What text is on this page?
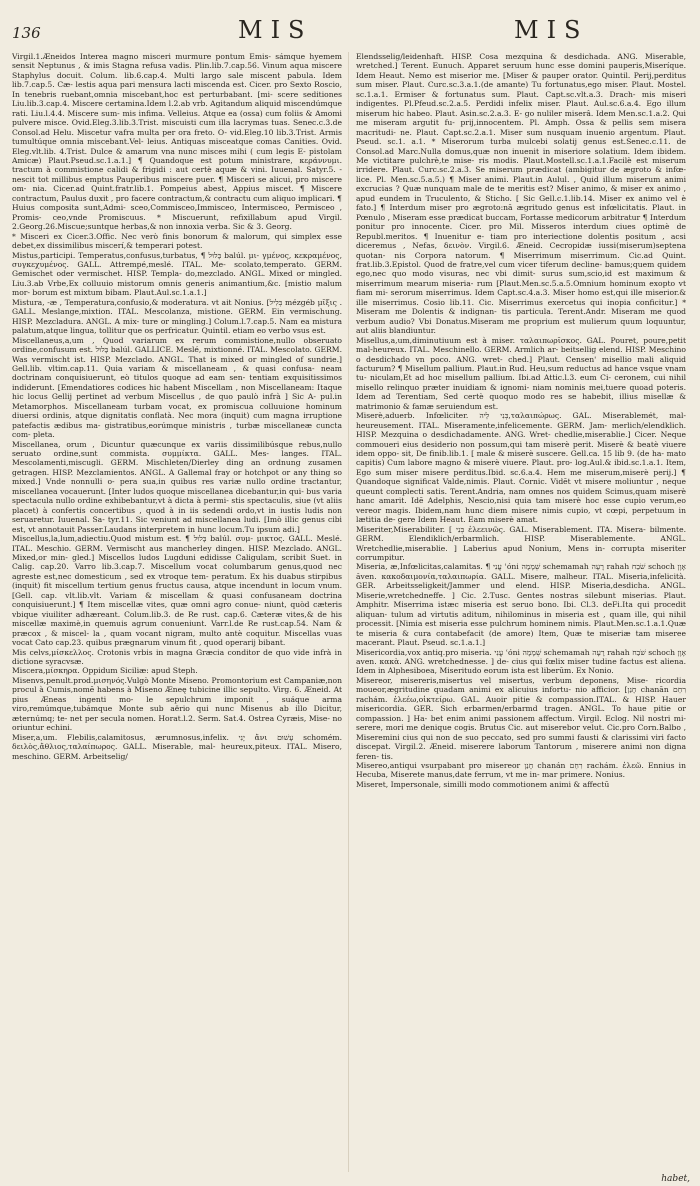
136	MIS	MIS

Virgil.1.Æneidos Interea magno misceri murmure pontum Emis- sámque hyemem sensit Neptunus , & imis Stagna refusa vadis. Plin.lib.7.cap.56. Vinum aqua miscere Staphylus docuit. Colum. lib.6.cap.4. Multi largo sale miscent pabula. Idem lib.7.cap.5. Cæ- lestis aqua pari mensura lacti miscenda est. Cicer. pro Sexto Roscio, In tenebris ruebant,omnia miscebant,hoc est perturbabant. [mi- scere seditiones Liu.lib.3.cap.4. Miscere certamina.Idem l.2.ab vrb. Agitandum aliquid miscendúmque rati. Liu.l.4.4. Miscere sum- mis infima. Velleius. Atque ea (ossa) cum foliis & Amomi pulvere misce. Ovid.Eleg.3.lib.3.Trist. miscuisti cum illa lacrymas tuas. Senec.c.3.de Consol.ad Helu. Miscetur vafra multa per ora freto. O- vid.Eleg.10 lib.3.Trist. Armis tumultúque omnia miscebant.Vel- leius. Antiquas misceatque comas Canities. Ovid. Eleg.vlt.lib. 4.Trist. Dulce & amarum vna nunc misces mihi ( cum legis E- pistolam Amicæ) Plaut.Pseud.sc.1.a.1.] ¶ Quandoque est potum ministrare, κεράννυμι. tractum à commistione calidi & frigidi : aut certè aquæ & vini. Iuuenal. Satyr.5. -nescit tot millibus emptus Pauperibus miscere puer. ¶ Misceri se alicui, pro miscere om- nia. Cicer.ad Quint.fratr.lib.1. Pompeius abest, Appius miscet. ¶ Miscere contractum, Paulus duxit , pro facere contractum,& contractu cum aliquo implicari. ¶ Huius composita sunt,Admi- sceo,Commisceo,Immisceo, Intermisceo, Permisceo , Promis- ceo,vnde Promiscuus. * Miscuerunt, refixillabum apud Virgil. 2.Georg.26.Miscue;suntque herbas,& non innoxia verba. Sic & 3. Georg.

* Misceri ex Cicer.3.Offic. Nec verò finis bonorum & malorum, qui simplex esse debet,ex dissimilibus miscerí,& temperari potest.

Mistus,participi. Temperatus,confusus,turbatus, ¶ בָּלוּל balúl. μι- γμένος, κεκραμένος, συγκεχυμένος. GALL. Attrempé,meslé. ITAL. Me- scolato,temperato. GERM. Gemischet oder vermischet. HISP. Templa- do,mezclado. ANGL. Mixed or mingled. Liu.3.ab Vrbe,Ex colluuio mistorum omnis generis animantium,&c. [mistio malum mor- borum est mixtum bibam. Plaut.Aul.sc.1.a.1.]

Mistura, -æ , Temperatura,confusio,& moderatura. vt ait Nonius. [בְּלִיל mézgéb μῖξις . GALL. Meslange,mixtion. ITAL. Mescolanza, mistione. GERM. Ein vermischung. HISP. Mezcladura. ANGL. A mix- ture or mingling.] Colum.l.7.cap.5. Nam ea mistura palatum,atque lingua, tollitur que os perfricatur. Quintil. etiam eo verbo vsus est.

Miscellaneus,a,um , Quod variarum ex rerum commistione,nullo obseruato ordine,confusum est. בָּלוּל balúl. GALLICE. Meslé, mixtionné. ITAL. Mescolato. GERM. Was vermischt ist. HISP. Mezclado. ANGL. That is mixed or mingled of sundrie.] Gell.lib. vltim.cap.11. Quia variam & miscellaneam , & quasi confusa- neam doctrinam conquisiuerunt, eò titulos quoque ad eam sen- tentiam exquisitissimos indiderunt. [Emendatiores codices hic habent Miscellam , non Miscellaneam: Itaque hic locus Gellij pertinet ad verbum Miscellus , de quo paulò infrà ] Sic A- pul.in Metamorphos. Miscellaneam turbam vocat, ex promiscua colluuione hominum diuersi ordinis, atque dignitatis conflatà. Nec mora (inquit) cum magna irruptione patefactis ædibus ma- gistratibus,eorúmque ministris , turbæ miscellaneæ cuncta com- pleta.

Miscellanea, orum , Dicuntur quæcunque ex variis dissimilibúsque rebus,nullo seruato ordine,sunt commista. συμμίκτα. GALL. Mes- langes. ITAL. Mescolamenti,miscugli. GERM. Mischleten/Dierley ding an ordnung zusamen getragen. HISP. Mezclamientos. ANGL. A Gallemal fray or hotchpot or any thing so mixed.] Vnde nonnulli o- pera sua,in quibus res variæ nullo ordine tractantur, miscellanea vocauerunt. [Inter ludos quoque miscellanea dicebantur,in qui- bus varia spectacula nullo ordine exhibebantur,vt à dicta à permi- stis spectaculis, siue (vt aliis placet) à confertis concertibus , quod à in iis sedendi ordo,vt in iustis ludis non seruaretur. Iuuenal. Sa- tyr.11. Sic veniunt ad miscellanea ludi. [Imò illic genus cibi est, vt annotauit Passer.Laudans interpretem in hunc locum.Tu ipsum adi.]

Miscellus,la,lum,adiectiu.Quod mistum est. ¶ בָּלוּל balúl. συμ- μικτος. GALL. Meslé. ITAL. Meschio. GERM. Vermischt aus mancherley dingen. HISP. Mezclado. ANGL. Mixed,or min- gled.] Miscellos ludos Lugduni edidisse Caligulam, scribit Suet. in Calig. cap.20. Varro lib.3.cap.7. Miscellum vocat columbarum genus,quod nec agreste est,nec domesticum , sed ex vtroque tem- peratum. Ex his duabus stirpibus (inquit) fit miscellum tertium genus fructus causa, atque incendunt in locum vnum. [Gell. cap. vlt.lib.vlt. Variam & miscellam & quasi confusaneam doctrina conquisiuerunt.] ¶ Item miscellæ vites, quæ omni agro conue- niunt, quòd cæteris vbique viuiliter adhæreant. Colum.lib.3. de Re rust. cap.6. Cæteræ vites,& de his miscellæ maximè,in quemuis agrum conueniunt. Varr.l.de Re rust.cap.54. Nam & præcox , & miscel- la , quam vocant nigram, multo antè coquitur. Miscellas vuas vocat Cato cap.23. quibus prægnarum vinum fit , quod operarij bibant.

Mis celvs,μίσκελλος. Crotonis vrbis in magna Græcia conditor de quo vide infrà in dictione syracvsæ.

Miscera,μίσκηρα. Oppidum Siciliæ: apud Steph.

Misenvs,penult.prod.μισηνός.Vulgò Monte Miseno. Promontorium est Campaniæ,non procul à Cumis,nomē habens à Miseno Æneę tubicine illic sepulto. Virg. 6. Æneid. At pius Æneas ingenti mo- le sepulchrum imponit , suáque arma viro,remúmque,tubámque Monte sub aërio qui nunc Misenus ab illo Dicitur, æternúmq; te- net per secula nomen. Horat.l.2. Serm. Sat.4. Ostrea Cyræis, Mise- no oriuntur echini.

Miser,a,um. Flebilis,calamitosus, ærumnosus,infelix. יָנִי ‎ἄνι ‎עָשׁוּם schomém. δειλὸς,ἄθλιος,ταλαίπωρος. GALL. Miserable, mal- heureux,piteux. ITAL. Misero, meschino. GERM. Arbeitselig/

Elendsselig/leidenhaft. HISP. Cosa mezquina & desdichada. ANG. Miserable, wretched.] Terent. Eunuch. Apparet seruum hunc esse domini pauperis,Miseríque. Idem Heaut. Nemo est miserior me. [Miser & pauper orator. Quintil. Perij,perditus sum miser. Plaut. Curc.sc.3.a.1.(de amante) Tu fortunatus,ego miser. Plaut. Mostel. sc.1.a.1. Ermiser & fortunatus sum. Plaut. Capt.sc.vlt.a.3. Drach- mis miseri indigentes. Pl.Pfeud.sc.2.a.5. Perdidi infelix miser. Plaut. Aul.sc.6.a.4. Ego illum miserum hic habeo. Plaut. Asin.sc.2.a.3. E- go nuliler miserâ. Idem Men.sc.1.a.2. Qui me miseram argutit fu- prij,innocentem. Pl. Amph. Ossa & pellis sem misera macritudi- ne. Plaut. Capt.sc.2.a.1. Miser sum nusquam inuenio argentum. Plaut. Pseud. sc.1. a.1. * Miserorum turba mulcebi solatij genus est.Senec.c.11. de Consol.ad Marc.Nulla domus,quæ non inuenit in miseriore solatium. Idem ibidem. Me victitare pulchrè,te mise- ris modis. Plaut.Mostell.sc.1.a.1.Facilè est miserum irridere. Plaut. Curc.sc.2.a.3. Se miserum prædicat (ambigitur de ægroto & infœ- lice. Pl. Men.sc.5.a.5.) ¶ Miser animi. Plaut.in Aulul. , Quid illum miserum animi excrucias ? Quæ nunquam male de te meritis est? Miser animo, & miser ex animo , apud eundem in Truculento, & Sticho. [ Sic Gell.c.1.lib.14. Miser ex animo vel è fato.] ¶ Interdum miser pro ægroto:nā ægritudo genus est infœlicitatis. Plaut. in Pœnulo , Miseram esse prædicat buccam, Fortasse medicorum arbitratur ¶ Interdum ponitur pro innocente. Cicer. pro Mil. Misseros interdum ciues optimè de Republ.meritos. ¶ Inuenitur e- tiam pro interiectione dolentis positum , acsi diceremus , Nefas, δεινὸν. Virgil.6. Æneid. Cecropidæ iussi(miserum)septena quotan- nis Corpora natorum. ¶ Miserrimum miserrimum. Cic.ad Quint. frat.lib.3.Epistol. Quod de fratre,vel cum vicer tiferum decline- bamus;quem quidem ego,nec quo modo visuras, nec vbi dimit- surus sum,scio,id est maximum & miserrimum mearum miseria- rum [Plaut.Men.sc.5.a.5.Omnium hominum exopto vt fiam mi- serorum miserrimus. Idem Capt.sc.4.a.3. Miser homo est,qui ille miserior.& ille miserrimus. Cosio lib.11. Cic. Miserrimus exercetus qui inopia conficitur.] * Miseram me Dolentis & indignan- tis particula. Terent.Andr. Miseram me quod verbum audio? Vbi Donatus.Miseram me proprium est mulierum quum loquuntur, aut aliis blandiuntur.

Misellus,a,um,diminutiuum est à miser. ταλαιπωρῖσκος. GAL. Pouret, poure,petit mal-heureux. ITAL. Meschinello. GERM. Armlich ar- beitsellig elend. HISP. Meschino o desdichado vn poco. ANG. wret- ched.] Plaut. Censen' misellio mali aliquid facturum? ¶ Misellum pallium. Plaut.in Rud. Heu,sum reductus ad hance vsque vnam tu- niculam,Et ad hoc misellum pallium. Ibi.ad Attic.l.3. eum Ci- ceronem, cui nihil misello relinquo præter inuidiam & ignomi- niam nominis mei,tuere quoad poteris. Idem ad Terentiam, Sed certè quoquo modo res se habebit, illius misellæ & matrimonio & famæ seruiendum est.

Miserè,aduerb. Infœliciter. בְּנִי לֵיה,ταλαιπώρως. GAL. Miserablemét, mal-heureusement. ITAL. Miseramente,infelicemente. GERM. Jam- merlich/elendklich. HISP. Mezquina o desdichadamente. ANG. Wret- chedlie,miserablie.] Cicer. Neque commoueri eius desiderio non possum,qui tam miserè perit. Miserè & beatè viuere idem oppo- sit, De finib.lib.1. [ male & miserè suscere. Gell.ca. 15 lib 9. (de ha- mato capitis) Cum labore magno & miserè viuere. Plaut. pro- log.Aul.& ibid.sc.1.a.1. Item, Ego sum miser misere perditus.Ibid. sc.6.a.4. Hem me miserum,miserè perij.] ¶ Quandoque significat Valde,nimis. Plaut. Cornic. Vidēt vt misere moliuntur , neque queunt complecti satis. Terent.Andria, nam omnes nos quidem Scimus,quam miserè hanc amarit. Idē Adelphis, Nescio,nisi quia tam miserè hoc esse cupio verum,eo vereor magis. Ibidem,nam hunc diem misere nimis cupio, vt cœpi, perpetuum in lætitia de- gere Idem Heaut. Eam miserè amat.

Miseriter,Miserabiliter. [ ‎בְּנִי ‎ἐλεεινῶς. GAL. Miserablement. ITA. Misera- bilmente. GERM. Elendiklich/erbarmlich. HISP. Miserablemente. ANGL. Wretchedlie,miserablie. ] Laberius apud Nonium, Mens in- corrupta miseriter corrumpitur.

Miseria, æ,Infœlicitas,calamitas. ¶ ‎עֳנִי ‎ʿóni ‎שְׁמָמָה schemamah ‎רָעָה rahah ‎שֹׁבַח schoch ‎אָוֶן ăven. κακοδαιμονία,ταλαιπωρία. GALL. Misere, malheur. ITAL. Miseria,infelicità. GER. Arbeitsseligkeit/Jammer und elend. HISP. Miseria,desdicha. ANGL. Miserie,wretchedneffe. ] Cic. 2.Tusc. Gentes nostras silebunt miserias. Plaut. Amphitr. Miserrima istæc miseria est seruo bono. Ibi. Cl.3. deFi.Ita qui procedit aliquan- tulum ad virtutis aditum, nihilominus in miseria est , quam ille, qui nihil processit. [Nimia est miseria esse pulchrum hominem nimis. Plaut.Men.sc.1.a.1.Quæ te miseria & cura contabefacit (de amore) Item, Quæ te miseriæ tam miseree macerant. Plaut. Pseud. sc.1.a.1.]

Misericordia,vox antiq.pro miseria. ‎עֳנִי ‎ʿóni ‎שְׁמָמָה schemamah ‎רָעָה rahah ‎שֹׁבַח schoch ‎אָוֶן aven. κακὰ. ANG. wretchednesse. ] de- cius qui fœlix miser tudine factus est aliena. Idem in Alphesiboea, Miseritudo eorum ista est liberūm. Ex Nonio.

Misereor, misereris,misertus vel misertus, verbum deponens, Mise- ricordia moueor,ægritudine quadam animi ex alicuius infortu- nio afficior. [‎חָנַן chanān ‎רִחֵם rachám. ἐλεέω,οἰκτείρω. GAL. Auoir pitie & compassion.ITAL. & HISP. Hauer misericordia. GER. Sich erbarmen/erbarmd tragen. ANGL. To haue pitie or compassion. ] Ha- bet enim animi passionem affectum. Virgil. Eclog. Nil nostri mi- serere, mori me denique cogis. Brutus Cic. aut miserebor velut. Cic.pro Corn.Balbo , Miseremini cius qui non de suo peccato, sed pro summi fausti & clarissimi viri facto discepat. Virgil.2. Æneid. miserere laborum Tantorum , miserere animi non digna feren- tis.

Misereo,antiqui vsurpabant pro misereor ‎חָנַן chanán ‎רִחֵם rachám. ἐλεῶ. Ennius in Hecuba, Miserete manus,date ferrum, vt me in- mar primere. Nonius.

Miseret, Impersonale, similli modo commotionem animi & affectū

habet,
